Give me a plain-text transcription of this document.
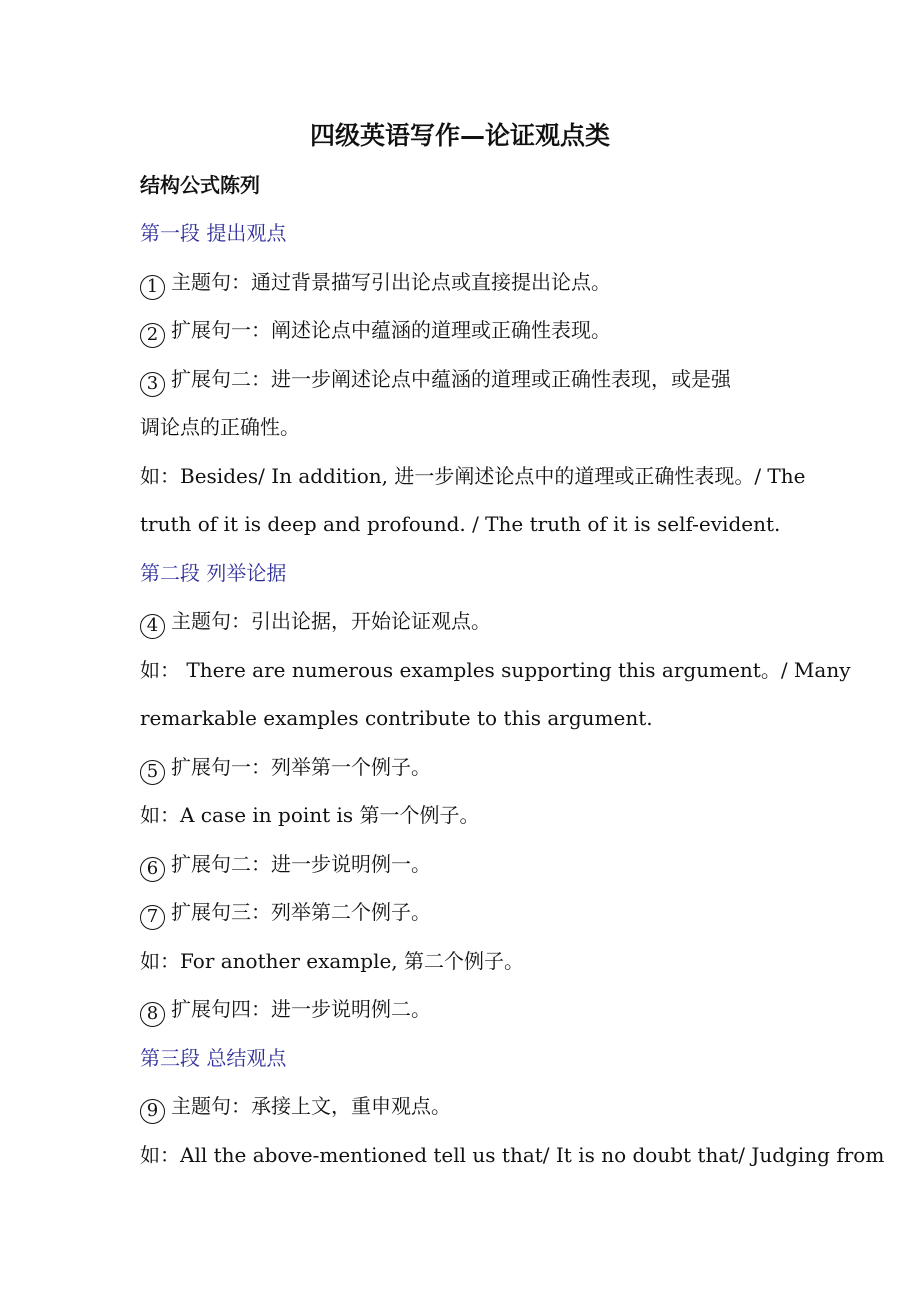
四级英语写作—论证观点类
结构公式陈列
第一段 提出观点
1 主题句：通过背景描写引出论点或直接提出论点。
2 扩展句一：阐述论点中蕴涵的道理或正确性表现。
3 扩展句二：进一步阐述论点中蕴涵的道理或正确性表现，或是强
调论点的正确性。
如：Besides/ In addition, 进一步阐述论点中的道理或正确性表现。/ The
truth of it is deep and profound. / The truth of it is self-evident.
第二段 列举论据
4 主题句：引出论据，开始论证观点。
如： There are numerous examples supporting this argument。/ Many
remarkable examples contribute to this argument.
5 扩展句一：列举第一个例子。
如：A case in point is 第一个例子。
6 扩展句二：进一步说明例一。
7 扩展句三：列举第二个例子。
如：For another example, 第二个例子。
8 扩展句四：进一步说明例二。
第三段 总结观点
9 主题句：承接上文，重申观点。
如：All the above-mentioned tell us that/ It is no doubt that/ Judging from
